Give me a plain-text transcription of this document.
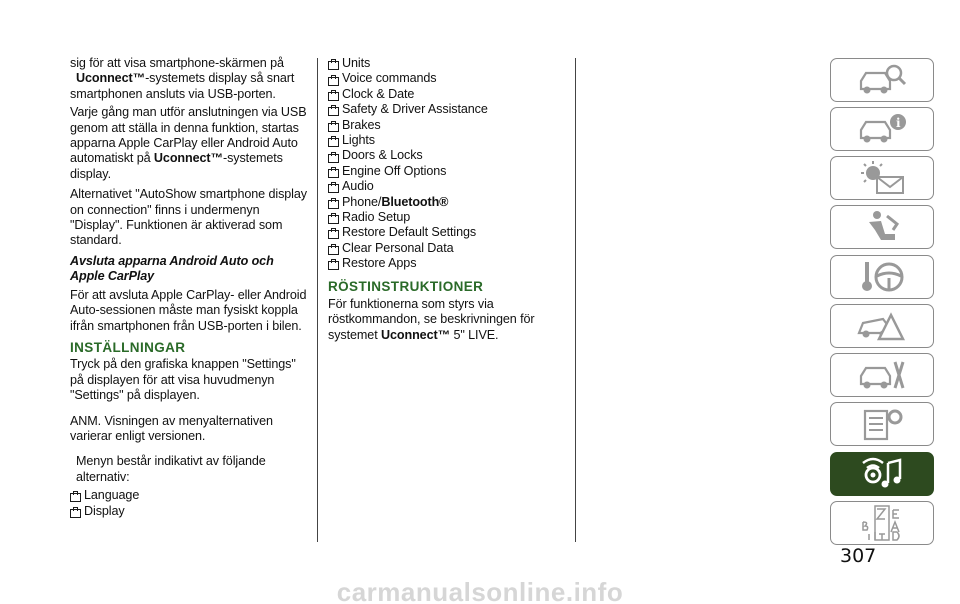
sig för att visa smartphone-skärmen på
Uconnect™-systemets display så snart smartphonen ansluts via USB-porten.
Varje gång man utför anslutningen via USB genom att ställa in denna funktion, startas apparna Apple CarPlay eller Android Auto automatiskt på Uconnect™-systemets display.
Alternativet "AutoShow smartphone display on connection" finns i undermenyn "Display". Funktionen är aktiverad som standard.
Avsluta apparna Android Auto och Apple CarPlay
För att avsluta Apple CarPlay- eller Android Auto-sessionen måste man fysiskt koppla ifrån smartphonen från USB-porten i bilen.
INSTÄLLNINGAR
Tryck på den grafiska knappen "Settings" på displayen för att visa huvudmenyn "Settings" på displayen.
ANM. Visningen av menyalternativen varierar enligt versionen.
Menyn består indikativt av följande alternativ:
Language
Display
Units
Voice commands
Clock & Date
Safety & Driver Assistance
Brakes
Lights
Doors & Locks
Engine Off Options
Audio
Phone/ Bluetooth®
Radio Setup
Restore Default Settings
Clear Personal Data
Restore Apps
RÖSTINSTRUKTIONER
För funktionerna som styrs via röstkommandon, se beskrivningen för systemet Uconnect™ 5" LIVE.
i
307
carmanualsonline.info
